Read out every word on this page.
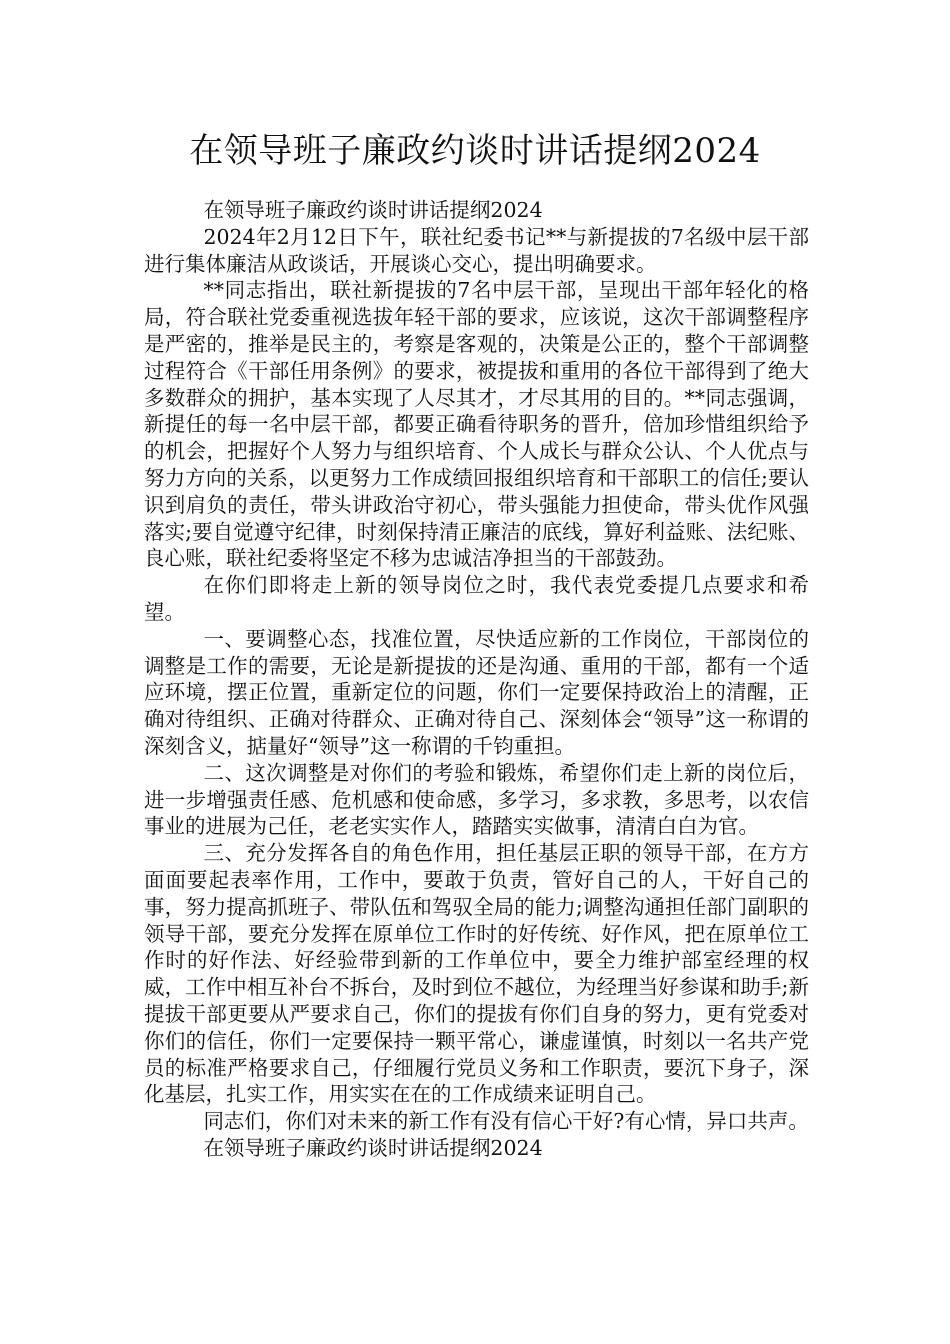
在领导班子廉政约谈时讲话提纲2024

在领导班子廉政约谈时讲话提纲2024

2024年2月12日下午，联社纪委书记**与新提拔的7名级中层干部进行集体廉洁从政谈话，开展谈心交心，提出明确要求。

**同志指出，联社新提拔的7名中层干部，呈现出干部年轻化的格局，符合联社党委重视选拔年轻干部的要求，应该说，这次干部调整程序是严密的，推举是民主的，考察是客观的，决策是公正的，整个干部调整过程符合《干部任用条例》的要求，被提拔和重用的各位干部得到了绝大多数群众的拥护，基本实现了人尽其才，才尽其用的目的。**同志强调，新提任的每一名中层干部，都要正确看待职务的晋升，倍加珍惜组织给予的机会，把握好个人努力与组织培育、个人成长与群众公认、个人优点与努力方向的关系，以更努力工作成绩回报组织培育和干部职工的信任;要认识到肩负的责任，带头讲政治守初心，带头强能力担使命，带头优作风强落实;要自觉遵守纪律，时刻保持清正廉洁的底线，算好利益账、法纪账、良心账，联社纪委将坚定不移为忠诚洁净担当的干部鼓劲。

在你们即将走上新的领导岗位之时，我代表党委提几点要求和希望。

一、要调整心态，找准位置，尽快适应新的工作岗位，干部岗位的调整是工作的需要，无论是新提拔的还是沟通、重用的干部，都有一个适应环境，摆正位置，重新定位的问题，你们一定要保持政治上的清醒，正确对待组织、正确对待群众、正确对待自己、深刻体会“领导”这一称谓的深刻含义，掂量好“领导”这一称谓的千钧重担。

二、这次调整是对你们的考验和锻炼，希望你们走上新的岗位后，进一步增强责任感、危机感和使命感，多学习，多求教，多思考，以农信事业的进展为己任，老老实实作人，踏踏实实做事，清清白白为官。

三、充分发挥各自的角色作用，担任基层正职的领导干部，在方方面面要起表率作用，工作中，要敢于负责，管好自己的人，干好自己的事，努力提高抓班子、带队伍和驾驭全局的能力;调整沟通担任部门副职的领导干部，要充分发挥在原单位工作时的好传统、好作风，把在原单位工作时的好作法、好经验带到新的工作单位中，要全力维护部室经理的权威，工作中相互补台不拆台，及时到位不越位，为经理当好参谋和助手;新提拔干部更要从严要求自己，你们的提拔有你们自身的努力，更有党委对你们的信任，你们一定要保持一颗平常心，谦虚谨慎，时刻以一名共产党员的标准严格要求自己，仔细履行党员义务和工作职责，要沉下身子，深化基层，扎实工作，用实实在在的工作成绩来证明自己。

同志们，你们对未来的新工作有没有信心干好?有心情，异口共声。

在领导班子廉政约谈时讲话提纲2024
